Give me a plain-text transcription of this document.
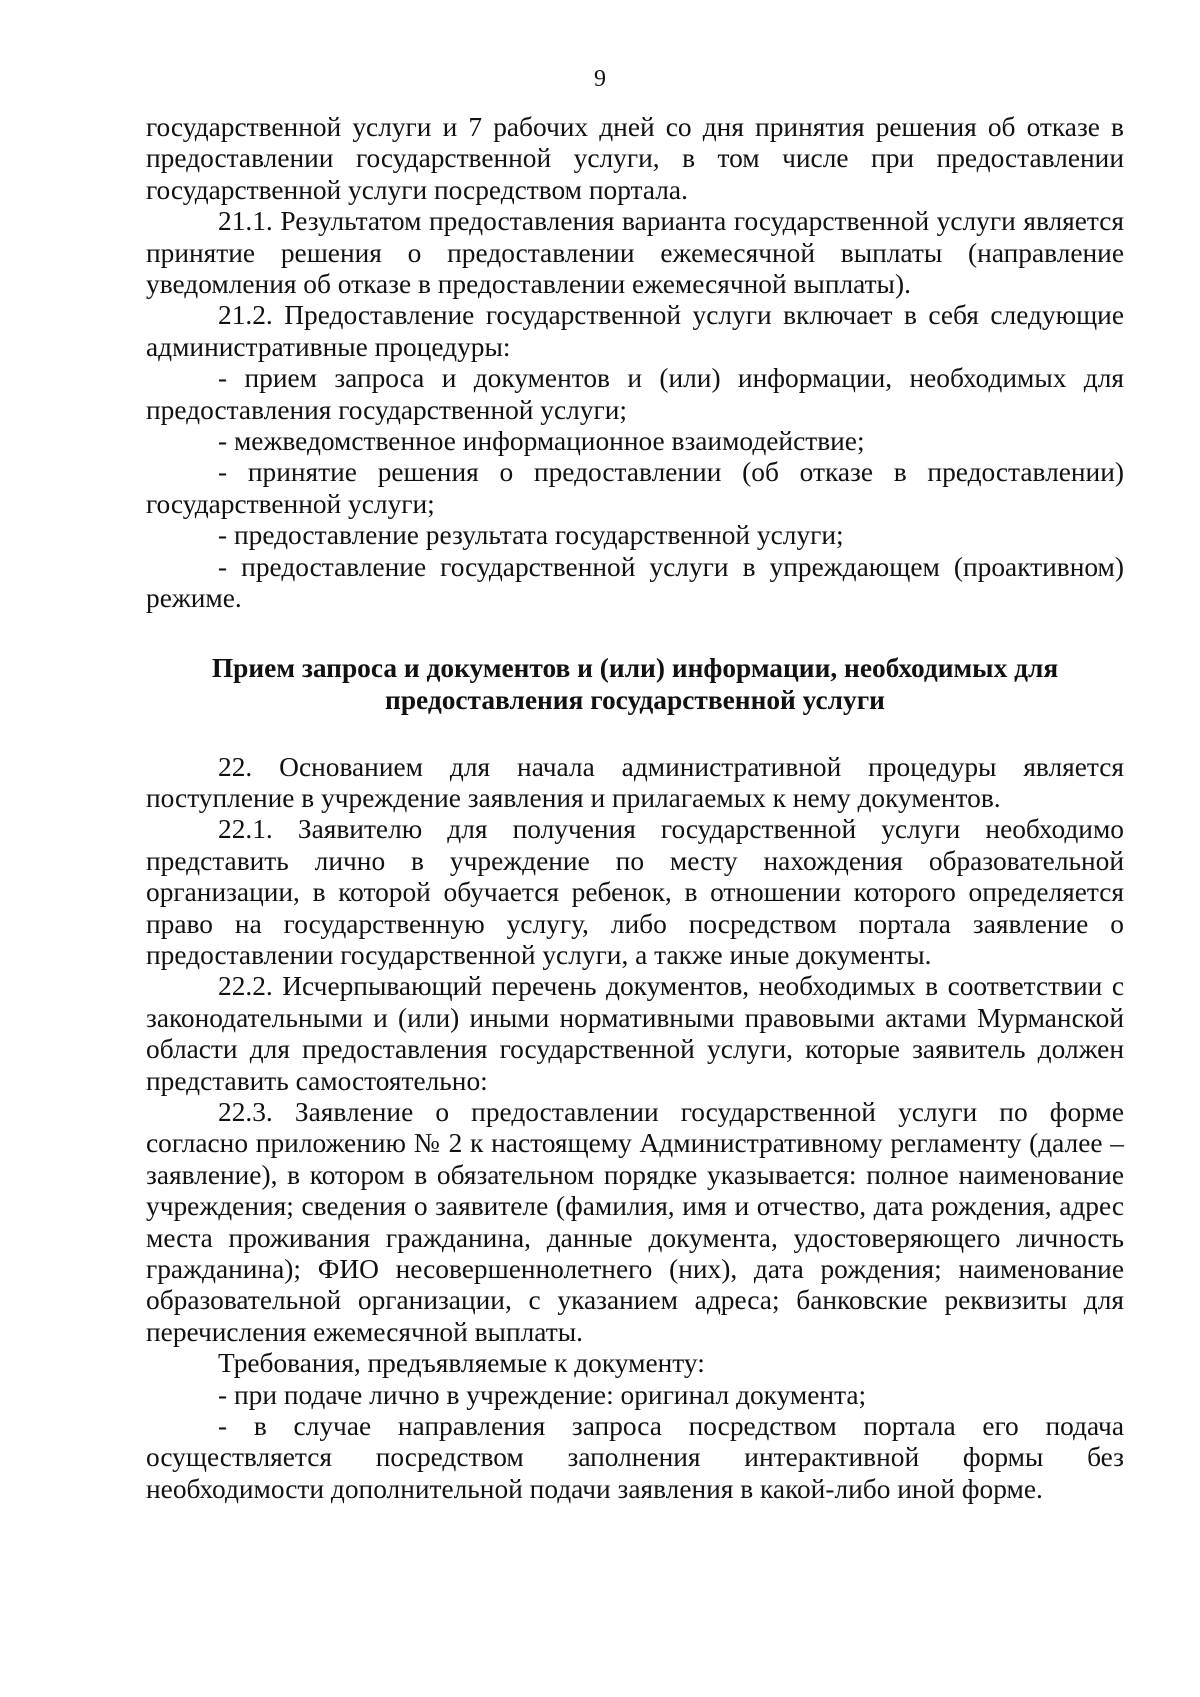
9

государственной услуги и 7 рабочих дней со дня принятия решения об отказе в предоставлении государственной услуги, в том числе при предоставлении государственной услуги посредством портала.

21.1. Результатом предоставления варианта государственной услуги является принятие решения о предоставлении ежемесячной выплаты (направление уведомления об отказе в предоставлении ежемесячной выплаты).

21.2. Предоставление государственной услуги включает в себя следующие административные процедуры:

- прием запроса и документов и (или) информации, необходимых для предоставления государственной услуги;

- межведомственное информационное взаимодействие;

- принятие решения о предоставлении (об отказе в предоставлении) государственной услуги;

- предоставление результата государственной услуги;

- предоставление государственной услуги в упреждающем (проактивном) режиме.

Прием запроса и документов и (или) информации, необходимых для
предоставления государственной услуги

22. Основанием для начала административной процедуры является поступление в учреждение заявления и прилагаемых к нему документов.

22.1. Заявителю для получения государственной услуги необходимо представить лично в учреждение по месту нахождения образовательной организации, в которой обучается ребенок, в отношении которого определяется право на государственную услугу, либо посредством портала заявление о предоставлении государственной услуги, а также иные документы.

22.2. Исчерпывающий перечень документов, необходимых в соответствии с законодательными и (или) иными нормативными правовыми актами Мурманской области для предоставления государственной услуги, которые заявитель должен представить самостоятельно:

22.3. Заявление о предоставлении государственной услуги по форме согласно приложению № 2 к настоящему Административному регламенту (далее – заявление), в котором в обязательном порядке указывается: полное наименование учреждения; сведения о заявителе (фамилия, имя и отчество, дата рождения, адрес места проживания гражданина, данные документа, удостоверяющего личность гражданина); ФИО несовершеннолетнего (них), дата рождения; наименование образовательной организации, с указанием адреса; банковские реквизиты для перечисления ежемесячной выплаты.

Требования, предъявляемые к документу:

- при подаче лично в учреждение: оригинал документа;

- в случае направления запроса посредством портала его подача осуществляется посредством заполнения интерактивной формы без необходимости дополнительной подачи заявления в какой-либо иной форме.
